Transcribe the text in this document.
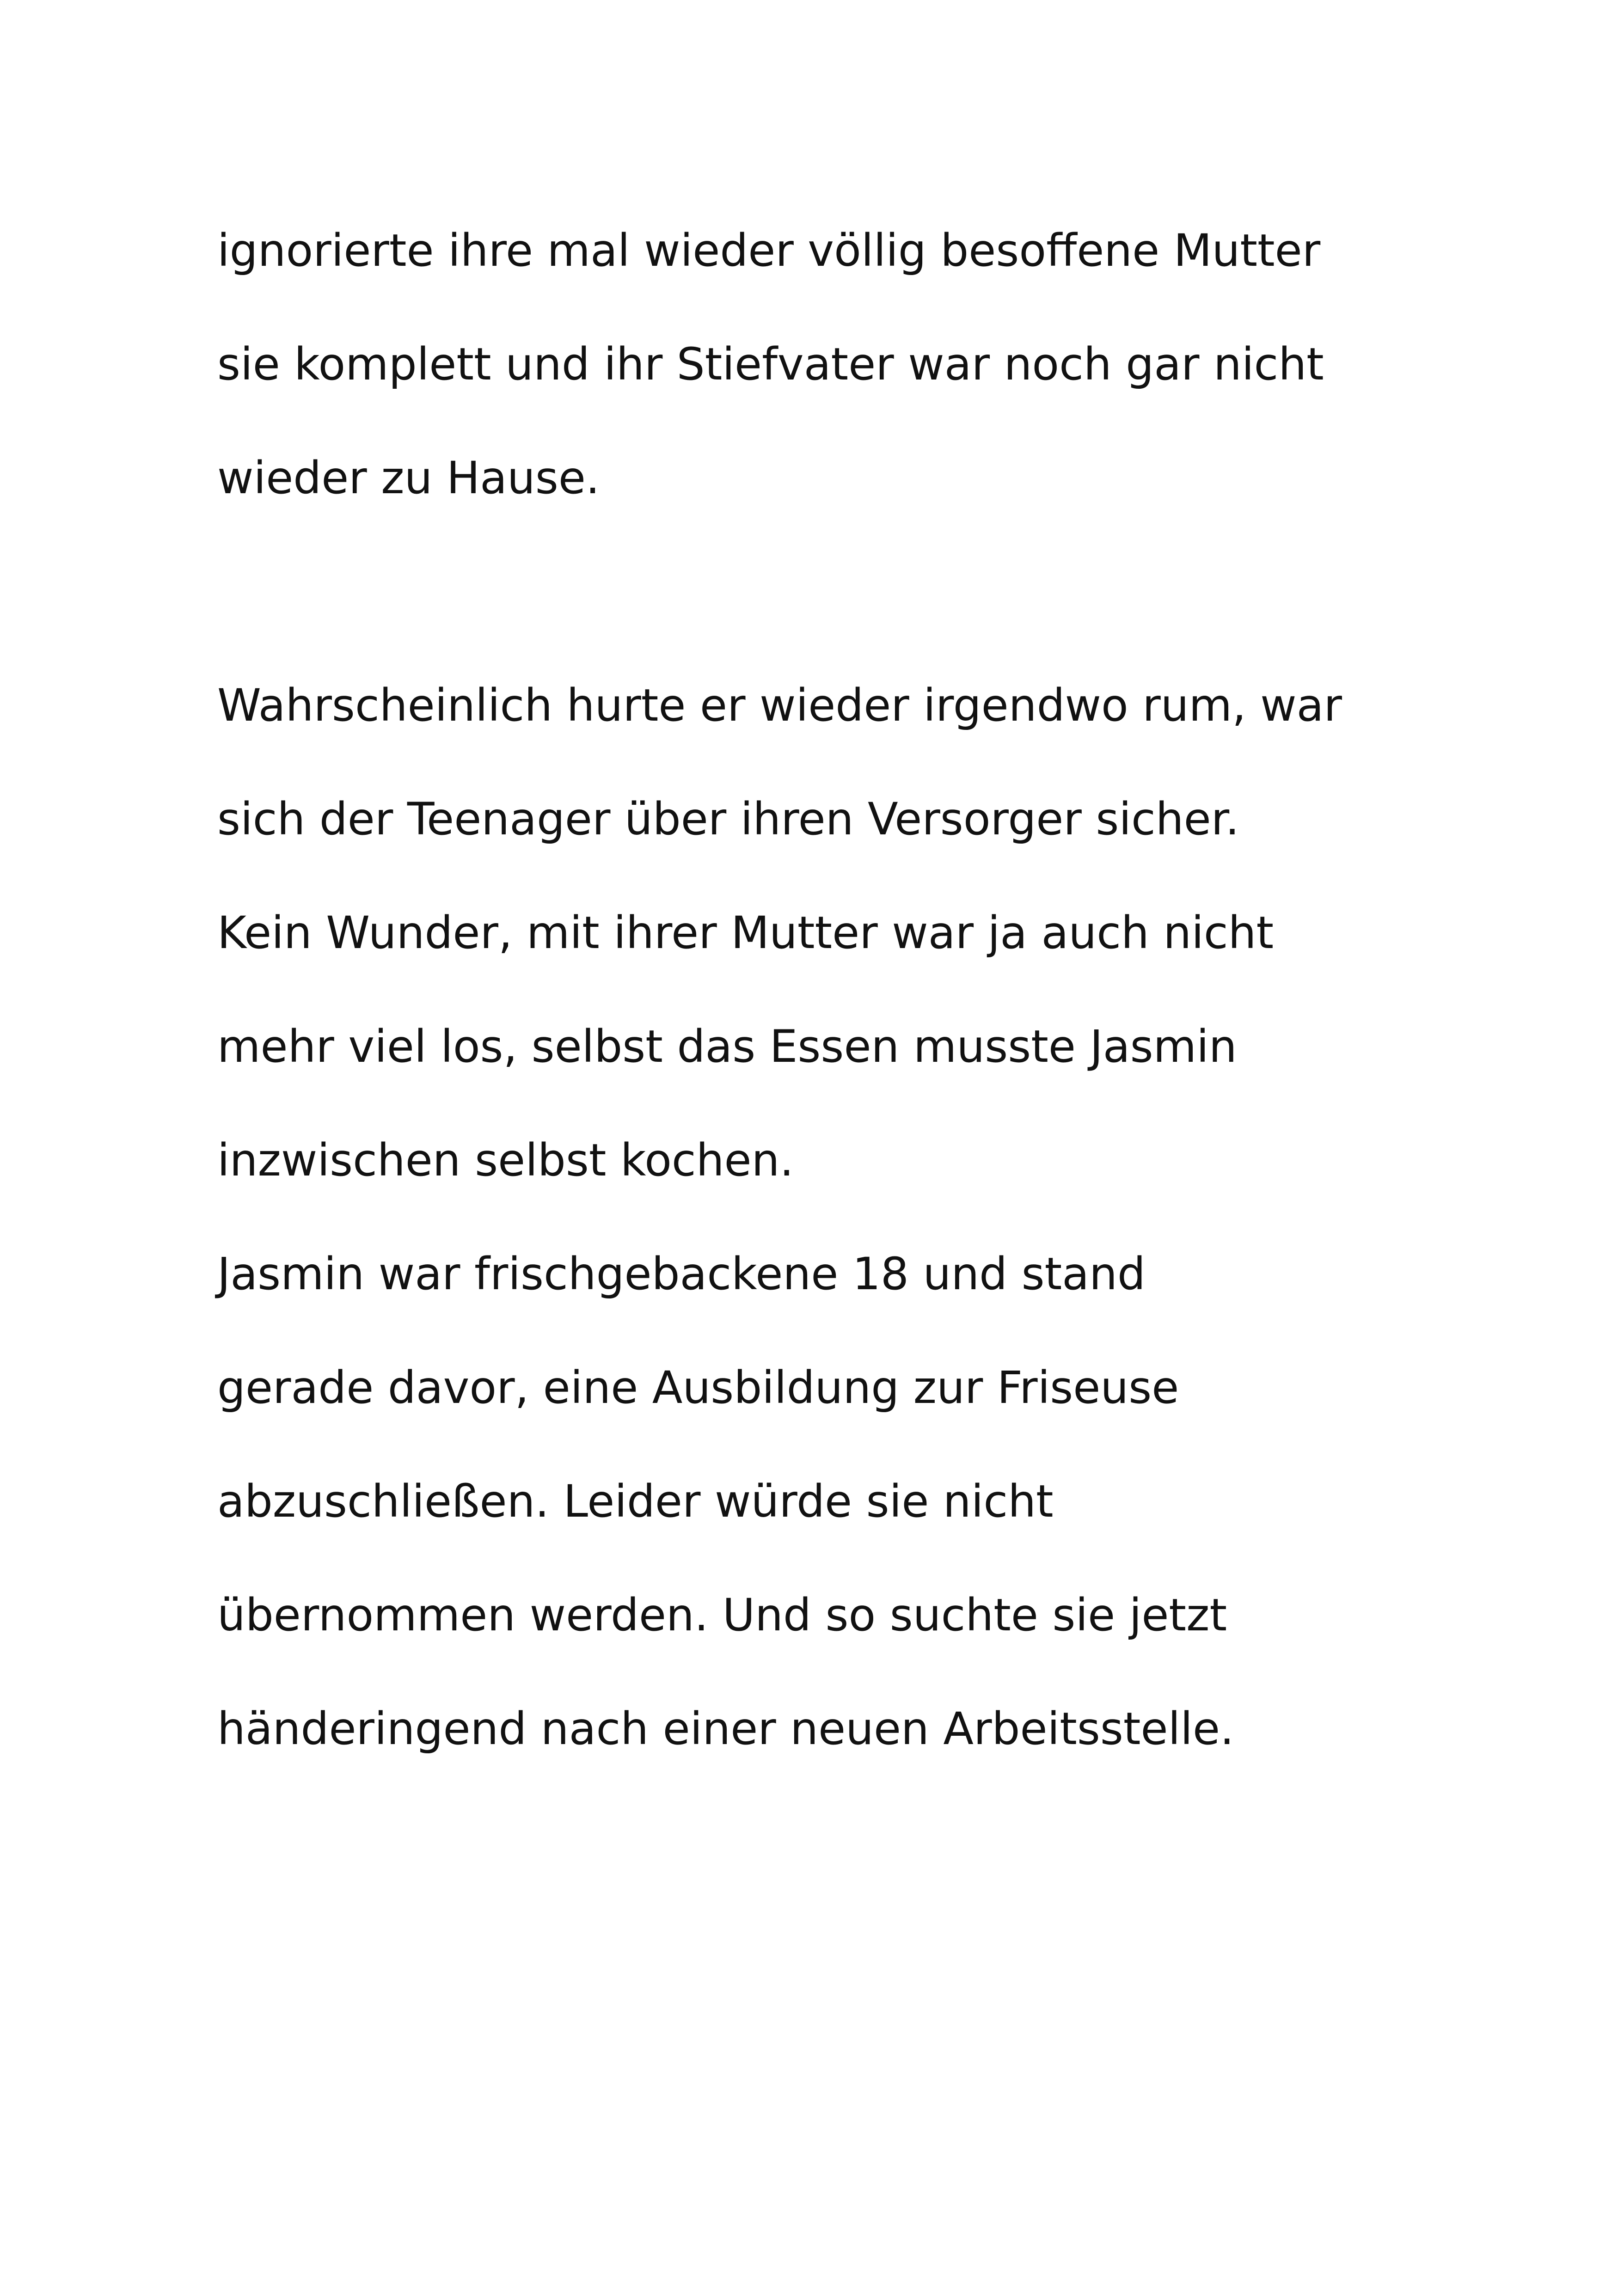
ignorierte ihre mal wieder völlig besoffene Mutter

sie komplett und ihr Stiefvater war noch gar nicht

wieder zu Hause.

Wahrscheinlich hurte er wieder irgendwo rum, war

sich der Teenager über ihren Versorger sicher.

Kein Wunder, mit ihrer Mutter war ja auch nicht

mehr viel los, selbst das Essen musste Jasmin

inzwischen selbst kochen.

Jasmin war frischgebackene 18 und stand

gerade davor, eine Ausbildung zur Friseuse

abzuschließen. Leider würde sie nicht

übernommen werden. Und so suchte sie jetzt

händeringend nach einer neuen Arbeitsstelle.
